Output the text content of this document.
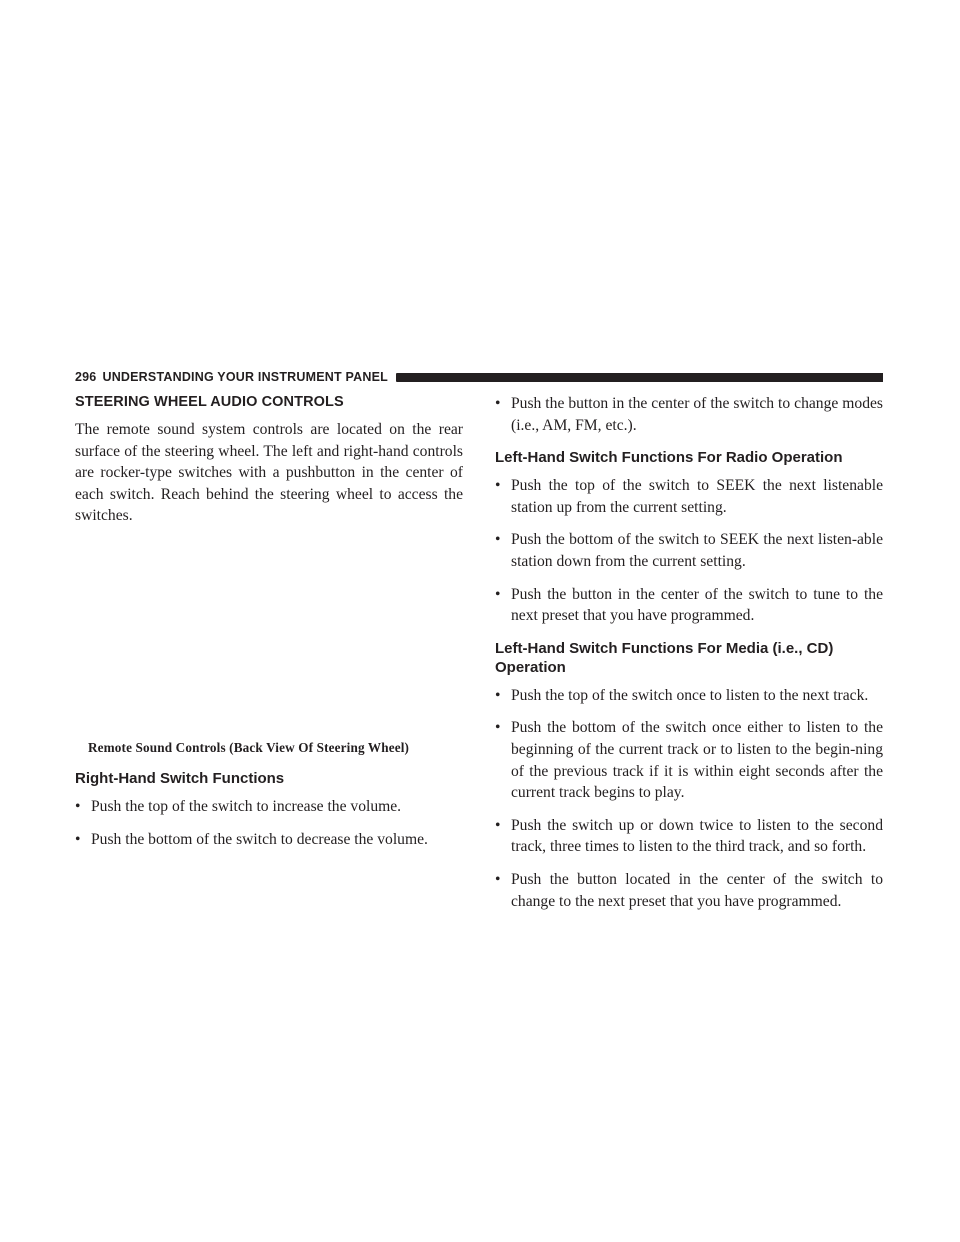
296 UNDERSTANDING YOUR INSTRUMENT PANEL
STEERING WHEEL AUDIO CONTROLS

The remote sound system controls are located on the rear surface of the steering wheel. The left and right-hand controls are rocker-type switches with a pushbutton in the center of each switch. Reach behind the steering wheel to access the switches.

Remote Sound Controls (Back View Of Steering Wheel)
Right-Hand Switch Functions
• Push the top of the switch to increase the volume.
• Push the bottom of the switch to decrease the volume.
• Push the button in the center of the switch to change modes (i.e., AM, FM, etc.).
Left-Hand Switch Functions For Radio Operation
• Push the top of the switch to SEEK the next listenable station up from the current setting.
• Push the bottom of the switch to SEEK the next listen-able station down from the current setting.
• Push the button in the center of the switch to tune to the next preset that you have programmed.
Left-Hand Switch Functions For Media (i.e., CD) Operation
• Push the top of the switch once to listen to the next track.
• Push the bottom of the switch once either to listen to the beginning of the current track or to listen to the begin-ning of the previous track if it is within eight seconds after the current track begins to play.
• Push the switch up or down twice to listen to the second track, three times to listen to the third track, and so forth.
• Push the button located in the center of the switch to change to the next preset that you have programmed.
